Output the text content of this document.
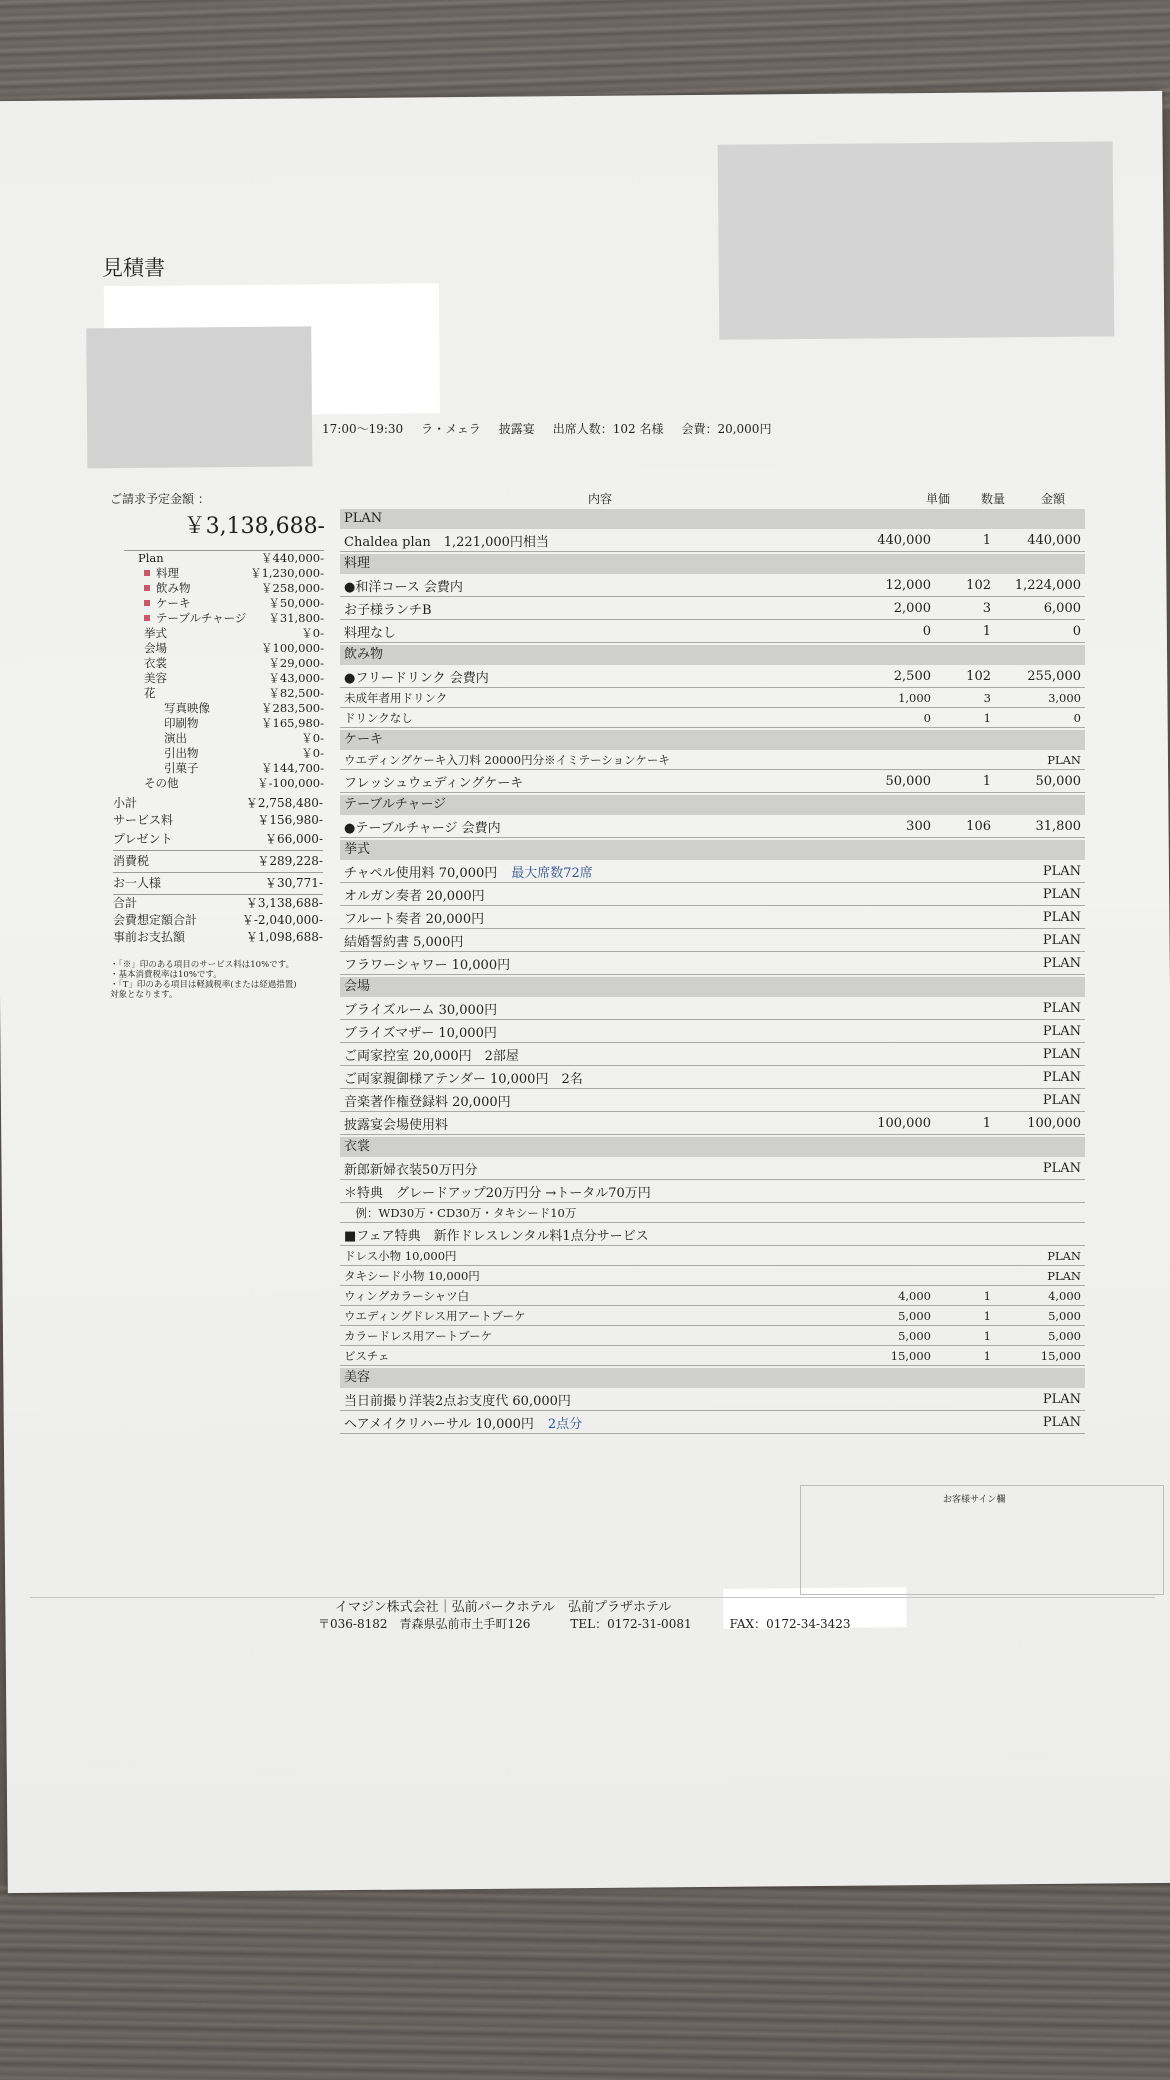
見積書
17:00～19:30 ラ・メェラ 披露宴 出席人数：102 名様 会費：20,000円
ご請求予定金額 ：
￥3,138,688-
Plan	￥440,000-
料理	￥1,230,000-
飲み物	￥258,000-
ケーキ	￥50,000-
テーブルチャージ ￥31,800-
挙式	￥0-
会場	￥100,000-
衣裳	￥29,000-
美容	￥43,000-
花	￥82,500-
写真映像	￥283,500-
印刷物	￥165,980-
演出	￥0-
引出物	￥0-
引菓子	￥144,700-
その他	￥-100,000-
小計	￥2,758,480-
サービス料	￥156,980-
プレゼント	￥66,000-
消費税	￥289,228-
お一人様	￥30,771-
合計	￥3,138,688-
会費想定額合計	￥-2,040,000-
事前お支払額	￥1,098,688-
・「※」印のある項目のサービス料は10%です。
・基本消費税率は10%です。
・「T」印のある項目は軽減税率(または経過措置)
対象となります。
内容	単価	数量	金額
PLAN
Chaldea plan　1,221,000円相当	440,000	1	440,000
料理
●和洋コース 会費内	12,000	102	1,224,000
お子様ランチB	2,000	3	6,000
料理なし	0	1	0
飲み物
●フリードリンク 会費内	2,500	102	255,000
未成年者用ドリンク	1,000	3	3,000
ドリンクなし	0	1	0
ケーキ
ウエディングケーキ入刀料 20000円分※イミテーションケーキ	PLAN
フレッシュウェディングケーキ	50,000	1	50,000
テーブルチャージ
●テーブルチャージ 会費内	300	106	31,800
挙式
チャペル使用料 70,000円 最大席数72席	PLAN
オルガン奏者 20,000円	PLAN
フルート奏者 20,000円	PLAN
結婚誓約書 5,000円	PLAN
フラワーシャワー 10,000円	PLAN
会場
ブライズルーム 30,000円	PLAN
ブライズマザー 10,000円	PLAN
ご両家控室 20,000円　2部屋	PLAN
ご両家親御様アテンダー 10,000円　2名	PLAN
音楽著作権登録料 20,000円	PLAN
披露宴会場使用料	100,000	1	100,000
衣裳
新郎新婦衣装50万円分	PLAN
＊特典　グレードアップ20万円分 →トータル70万円
　例：WD30万・CD30万・タキシード10万
■フェア特典　新作ドレスレンタル料1点分サービス
ドレス小物 10,000円	PLAN
タキシード小物 10,000円	PLAN
ウィングカラーシャツ白	4,000	1	4,000
ウエディングドレス用アートブーケ	5,000	1	5,000
カラードレス用アートブーケ	5,000	1	5,000
ビスチェ	15,000	1	15,000
美容
当日前撮り洋装2点お支度代 60,000円	PLAN
ヘアメイクリハーサル 10,000円 2点分	PLAN
お客様サイン欄
イマジン株式会社｜弘前パークホテル　弘前プラザホテル
〒036-8182　青森県弘前市土手町126	TEL：0172-31-0081	FAX：0172-34-3423
